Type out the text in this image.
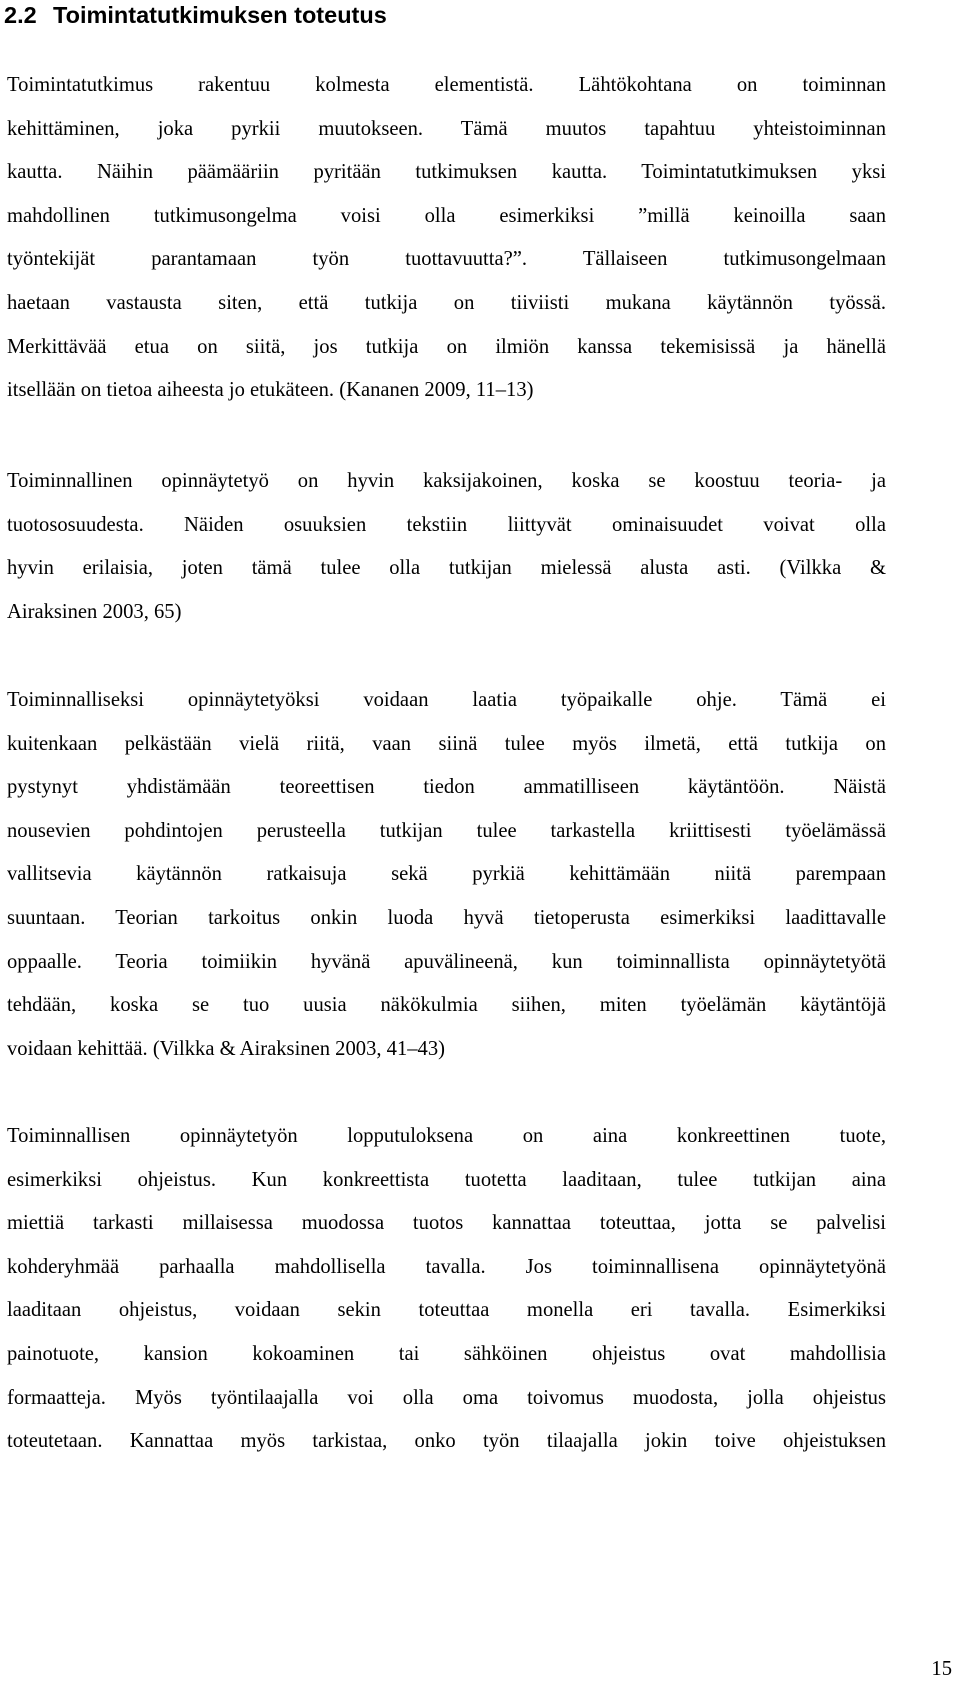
2.2 Toimintatutkimuksen toteutus
Toimintatutkimus rakentuu kolmesta elementistä. Lähtökohtana on toiminnan
kehittäminen, joka pyrkii muutokseen. Tämä muutos tapahtuu yhteistoiminnan
kautta. Näihin päämääriin pyritään tutkimuksen kautta. Toimintatutkimuksen yksi
mahdollinen tutkimusongelma voisi olla esimerkiksi ”millä keinoilla saan
työntekijät parantamaan työn tuottavuutta?”. Tällaiseen tutkimusongelmaan
haetaan vastausta siten, että tutkija on tiiviisti mukana käytännön työssä.
Merkittävää etua on siitä, jos tutkija on ilmiön kanssa tekemisissä ja hänellä
itsellään on tietoa aiheesta jo etukäteen. (Kananen 2009, 11–13)
Toiminnallinen opinnäytetyö on hyvin kaksijakoinen, koska se koostuu teoria- ja
tuotososuudesta. Näiden osuuksien tekstiin liittyvät ominaisuudet voivat olla
hyvin erilaisia, joten tämä tulee olla tutkijan mielessä alusta asti. (Vilkka &
Airaksinen 2003, 65)
Toiminnalliseksi opinnäytetyöksi voidaan laatia työpaikalle ohje. Tämä ei
kuitenkaan pelkästään vielä riitä, vaan siinä tulee myös ilmetä, että tutkija on
pystynyt yhdistämään teoreettisen tiedon ammatilliseen käytäntöön. Näistä
nousevien pohdintojen perusteella tutkijan tulee tarkastella kriittisesti työelämässä
vallitsevia käytännön ratkaisuja sekä pyrkiä kehittämään niitä parempaan
suuntaan. Teorian tarkoitus onkin luoda hyvä tietoperusta esimerkiksi laadittavalle
oppaalle. Teoria toimiikin hyvänä apuvälineenä, kun toiminnallista opinnäytetyötä
tehdään, koska se tuo uusia näkökulmia siihen, miten työelämän käytäntöjä
voidaan kehittää. (Vilkka & Airaksinen 2003, 41–43)
Toiminnallisen opinnäytetyön lopputuloksena on aina konkreettinen tuote,
esimerkiksi ohjeistus. Kun konkreettista tuotetta laaditaan, tulee tutkijan aina
miettiä tarkasti millaisessa muodossa tuotos kannattaa toteuttaa, jotta se palvelisi
kohderyhmää parhaalla mahdollisella tavalla. Jos toiminnallisena opinnäytetyönä
laaditaan ohjeistus, voidaan sekin toteuttaa monella eri tavalla. Esimerkiksi
painotuote, kansion kokoaminen tai sähköinen ohjeistus ovat mahdollisia
formaatteja. Myös työntilaajalla voi olla oma toivomus muodosta, jolla ohjeistus
toteutetaan. Kannattaa myös tarkistaa, onko työn tilaajalla jokin toive ohjeistuksen
15
